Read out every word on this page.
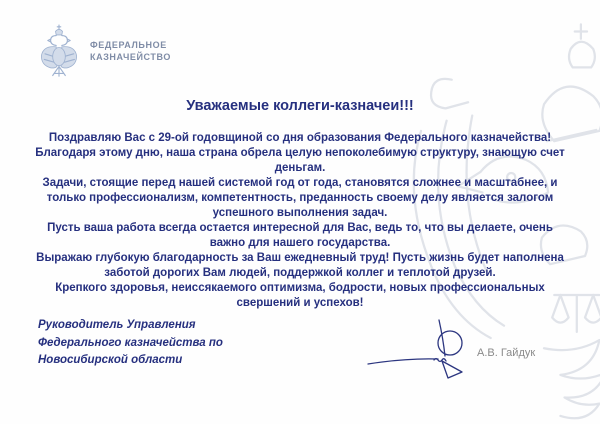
ФЕДЕРАЛЬНОЕ
КАЗНАЧЕЙСТВО
Уважаемые коллеги-казначеи!!!

Поздравляю Вас с 29-ой годовщиной со дня образования Федерального казначейства! Благодаря этому дню, наша страна обрела целую непоколебимую структуру, знающую счет деньгам.

Задачи, стоящие перед нашей системой год от года, становятся сложнее и масштабнее, и только профессионализм, компетентность, преданность своему делу является залогом успешного выполнения задач.

Пусть ваша работа всегда остается интересной для Вас, ведь то, что вы делаете, очень важно для нашего государства.

Выражаю глубокую благодарность за Ваш ежедневный труд! Пусть жизнь будет наполнена заботой дорогих Вам людей, поддержкой коллег и теплотой друзей.

Крепкого здоровья, неиссякаемого оптимизма, бодрости, новых профессиональных свершений и успехов!

Руководитель Управления
Федерального казначейства по
Новосибирской области
А.В. Гайдук
